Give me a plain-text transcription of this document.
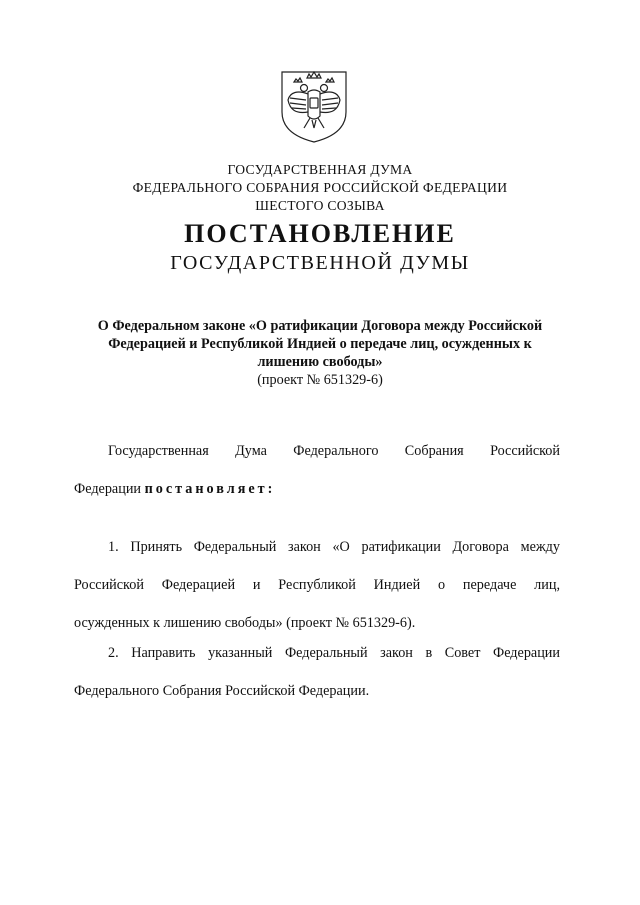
ГОСУДАРСТВЕННАЯ ДУМА
ФЕДЕРАЛЬНОГО СОБРАНИЯ РОССИЙСКОЙ ФЕДЕРАЦИИ
ШЕСТОГО СОЗЫВА
ПОСТАНОВЛЕНИЕ
ГОСУДАРСТВЕННОЙ ДУМЫ
О Федеральном законе «О ратификации Договора между Российской
Федерацией и Республикой Индией о передаче лиц, осужденных к
лишению свободы»
(проект № 651329-6)
Государственная Дума Федерального Собрания Российской
Федерации постановляет:
1. Принять Федеральный закон «О ратификации Договора между
Российской Федерацией и Республикой Индией о передаче лиц,
осужденных к лишению свободы» (проект № 651329-6).
2. Направить указанный Федеральный закон в Совет Федерации
Федерального Собрания Российской Федерации.
